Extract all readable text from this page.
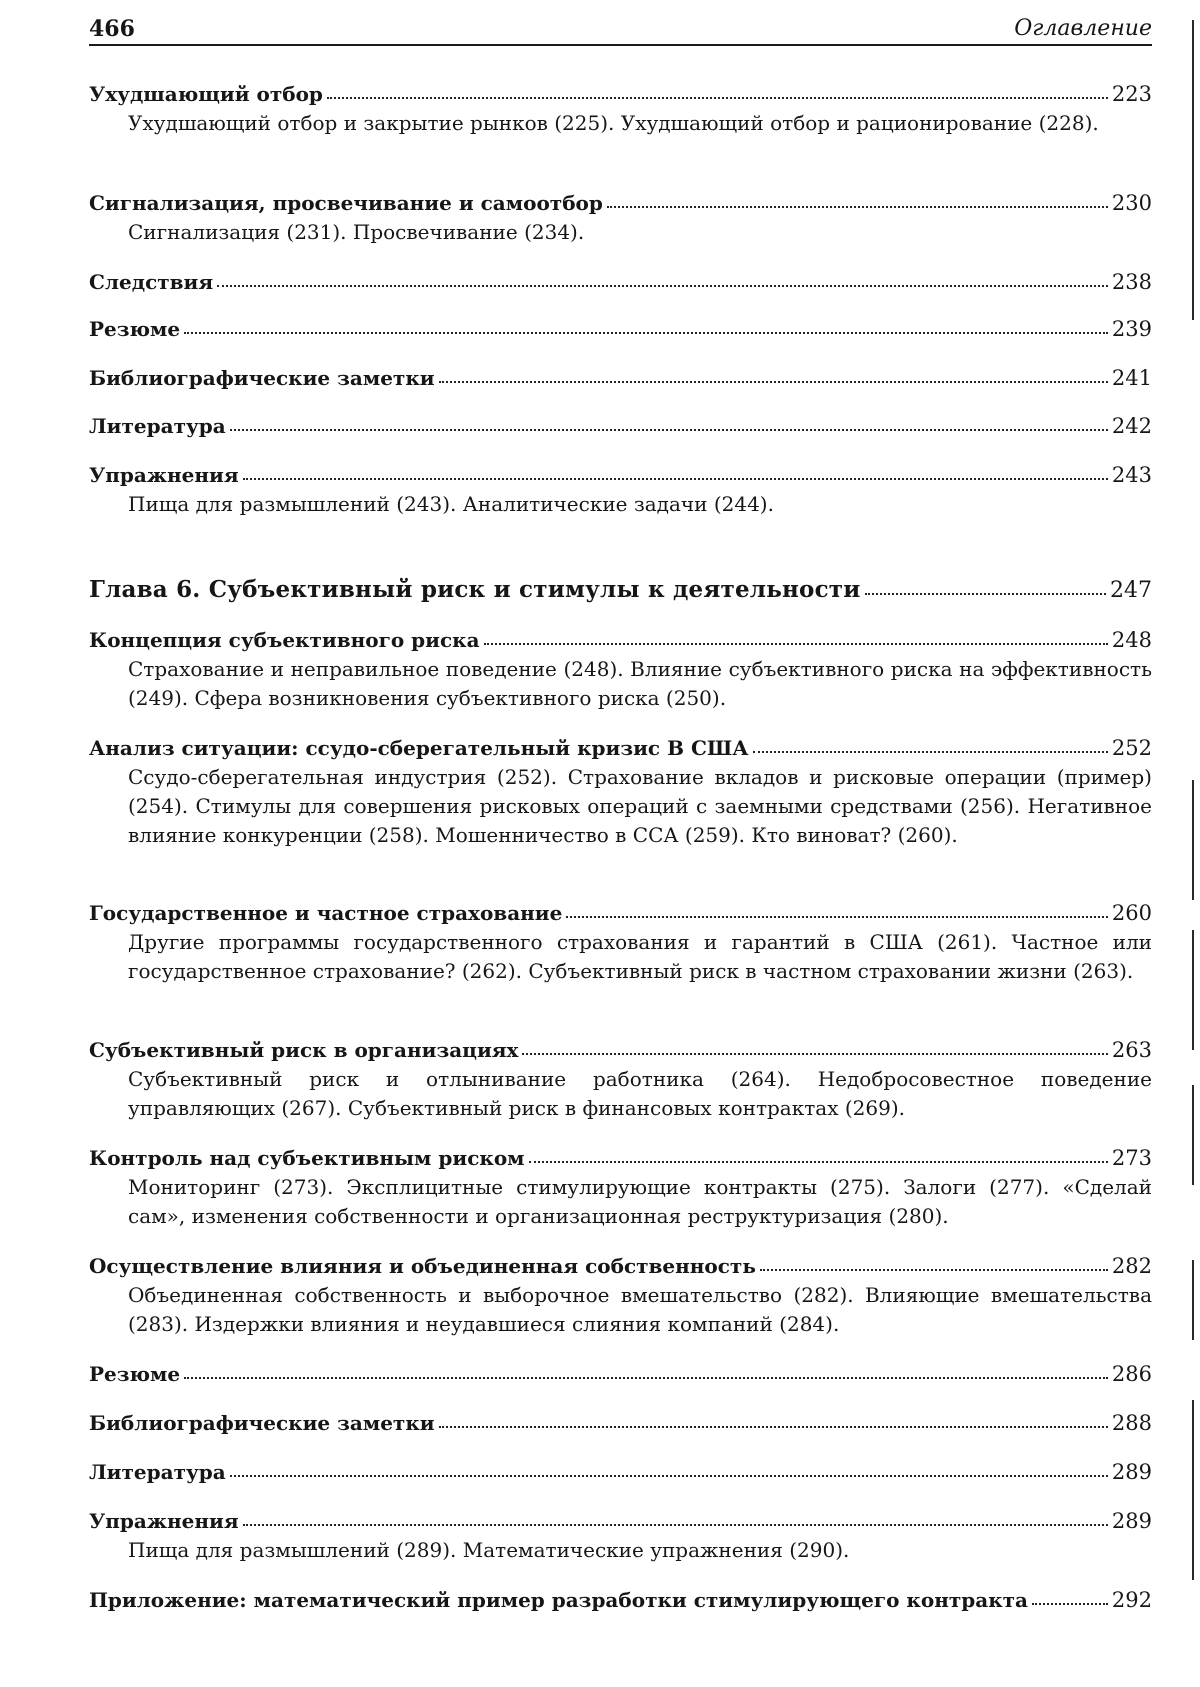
466	Оглавление
Ухудшающий отбор	223
Ухудшающий отбор и закрытие рынков (225). Ухудшающий отбор и рационирование (228).
Сигнализация, просвечивание и самоотбор	230
Сигнализация (231). Просвечивание (234).
Следствия	238
Резюме	239
Библиографические заметки	241
Литература	242
Упражнения	243
Пища для размышлений (243). Аналитические задачи (244).
Глава 6. Субъективный риск и стимулы к деятельности	247
Концепция субъективного риска	248
Страхование и неправильное поведение (248). Влияние субъективного риска на эффективность (249). Сфера возникновения субъективного риска (250).
Анализ ситуации: ссудо-сберегательный кризис В США	252
Ссудо-сберегательная индустрия (252). Страхование вкладов и рисковые операции (пример) (254). Стимулы для совершения рисковых операций с заемными средствами (256). Негативное влияние конкуренции (258). Мошенничество в ССА (259). Кто виноват? (260).
Государственное и частное страхование	260
Другие программы государственного страхования и гарантий в США (261). Частное или государственное страхование? (262). Субъективный риск в частном страховании жизни (263).
Субъективный риск в организациях	263
Субъективный риск и отлынивание работника (264). Недобросовестное поведение управляющих (267). Субъективный риск в финансовых контрактах (269).
Контроль над субъективным риском	273
Мониторинг (273). Эксплицитные стимулирующие контракты (275). Залоги (277). «Сделай сам», изменения собственности и организационная реструктуризация (280).
Осуществление влияния и объединенная собственность	282
Объединенная собственность и выборочное вмешательство (282). Влияющие вмешательства (283). Издержки влияния и неудавшиеся слияния компаний (284).
Резюме	286
Библиографические заметки	288
Литература	289
Упражнения	289
Пища для размышлений (289). Математические упражнения (290).
Приложение: математический пример разработки стимулирующего контракта	292
